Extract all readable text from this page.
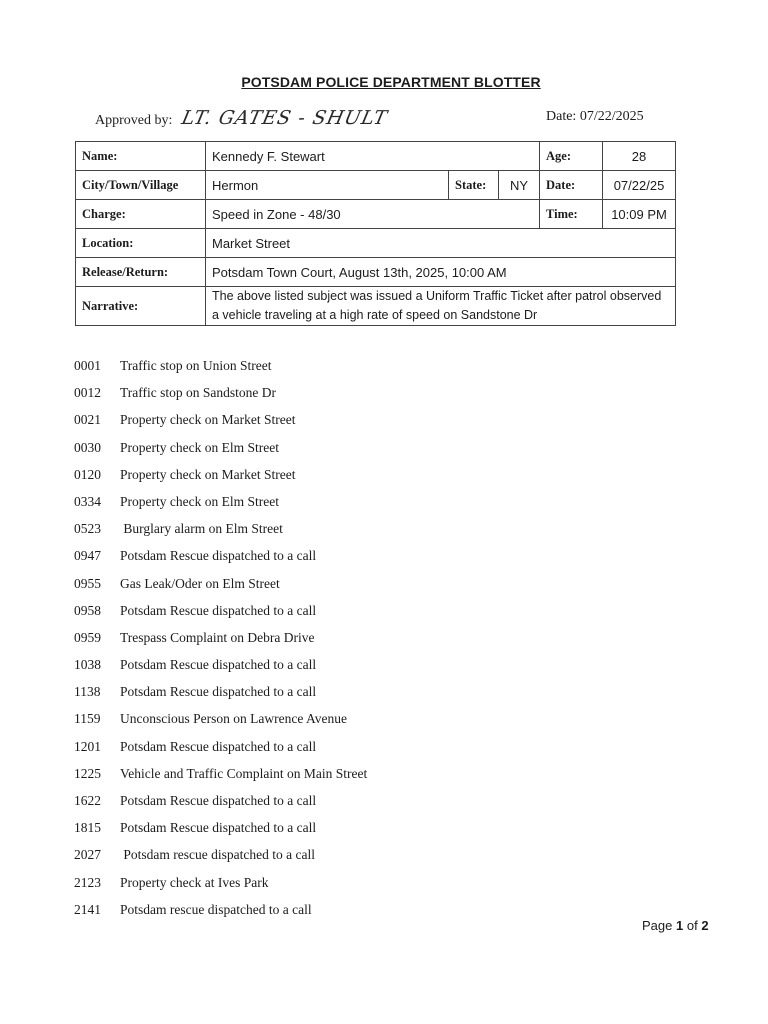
POTSDAM POLICE DEPARTMENT BLOTTER
Approved by: LT. GATES - SHULT	Date: 07/22/2025
Name:	Kennedy F. Stewart			Age:	28
City/Town/Village	Hermon	State:	NY	Date:	07/22/25
Charge:	Speed in Zone - 48/30			Time:	10:09 PM
Location:	Market Street				
Release/Return:	Potsdam Town Court, August 13th, 2025, 10:00 AM				
Narrative:	The above listed subject was issued a Uniform Traffic Ticket after patrol observed
a vehicle traveling at a high rate of speed on Sandstone Dr				
0001 Traffic stop on Union Street
0012 Traffic stop on Sandstone Dr
0021 Property check on Market Street
0030 Property check on Elm Street
0120 Property check on Market Street
0334 Property check on Elm Street
0523 Burglary alarm on Elm Street
0947 Potsdam Rescue dispatched to a call
0955 Gas Leak/Oder on Elm Street
0958 Potsdam Rescue dispatched to a call
0959 Trespass Complaint on Debra Drive
1038 Potsdam Rescue dispatched to a call
1138 Potsdam Rescue dispatched to a call
1159 Unconscious Person on Lawrence Avenue
1201 Potsdam Rescue dispatched to a call
1225 Vehicle and Traffic Complaint on Main Street
1622 Potsdam Rescue dispatched to a call
1815 Potsdam Rescue dispatched to a call
2027 Potsdam rescue dispatched to a call
2123 Property check at Ives Park
2141 Potsdam rescue dispatched to a call
Page 1 of 2
